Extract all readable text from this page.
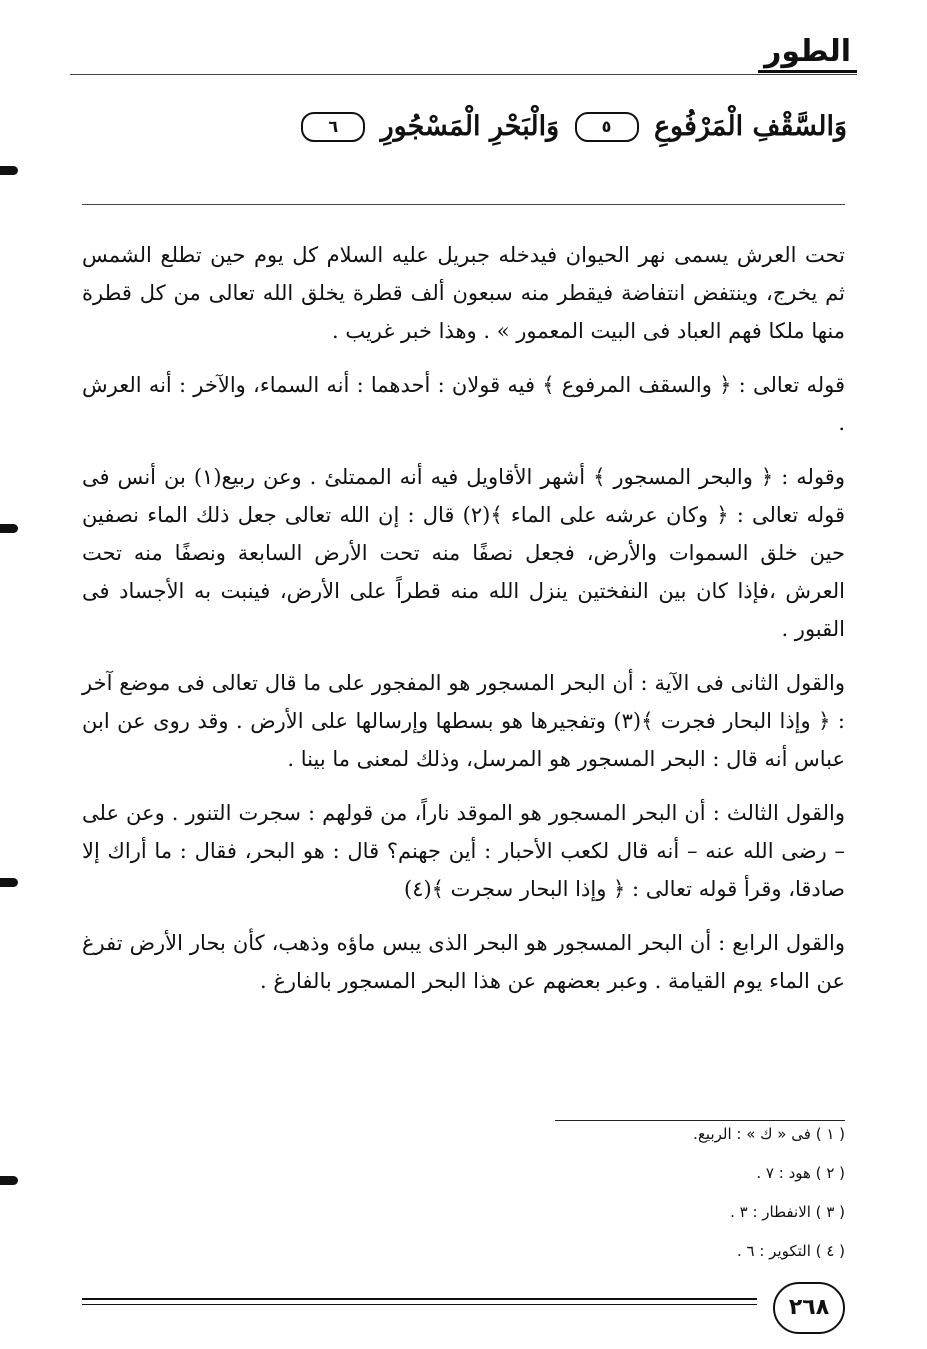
الطور
وَالسَّقْفِ الْمَرْفُوعِ ٥ وَالْبَحْرِ الْمَسْجُورِ ٦

تحت العرش يسمى نهر الحيوان فيدخله جبريل عليه السلام كل يوم حين تطلع الشمس ثم يخرج، وينتفض انتفاضة فيقطر منه سبعون ألف قطرة يخلق الله تعالى من كل قطرة منها ملكا فهم العباد فى البيت المعمور » . وهذا خبر غريب .

قوله تعالى : ﴿ والسقف المرفوع ﴾ فيه قولان : أحدهما : أنه السماء، والآخر : أنه العرش .

وقوله : ﴿ والبحر المسجور ﴾ أشهر الأقاويل فيه أنه الممتلئ . وعن ربيع(١) بن أنس فى قوله تعالى : ﴿ وكان عرشه على الماء ﴾(٢) قال : إن الله تعالى جعل ذلك الماء نصفين حين خلق السموات والأرض، فجعل نصفًا منه تحت الأرض السابعة ونصفًا منه تحت العرش ،فإذا كان بين النفختين ينزل الله منه قطراً على الأرض، فينبت به الأجساد فى القبور .

والقول الثانى فى الآية : أن البحر المسجور هو المفجور على ما قال تعالى فى موضع آخر : ﴿ وإذا البحار فجرت ﴾(٣) وتفجيرها هو بسطها وإرسالها على الأرض . وقد روى عن ابن عباس أنه قال : البحر المسجور هو المرسل، وذلك لمعنى ما بينا .

والقول الثالث : أن البحر المسجور هو الموقد ناراً، من قولهم : سجرت التنور . وعن على – رضى الله عنه – أنه قال لكعب الأحبار : أين جهنم؟ قال : هو البحر، فقال : ما أراك إلا صادقا، وقرأ قوله تعالى : ﴿ وإذا البحار سجرت ﴾(٤)

والقول الرابع : أن البحر المسجور هو البحر الذى يبس ماؤه وذهب، كأن بحار الأرض تفرغ عن الماء يوم القيامة . وعبر بعضهم عن هذا البحر المسجور بالفارغ .

( ١ ) فى « ك » : الربيع.
( ٢ ) هود : ٧ .
( ٣ ) الانفطار : ٣ .
( ٤ ) التكوير : ٦ .
٢٦٨
